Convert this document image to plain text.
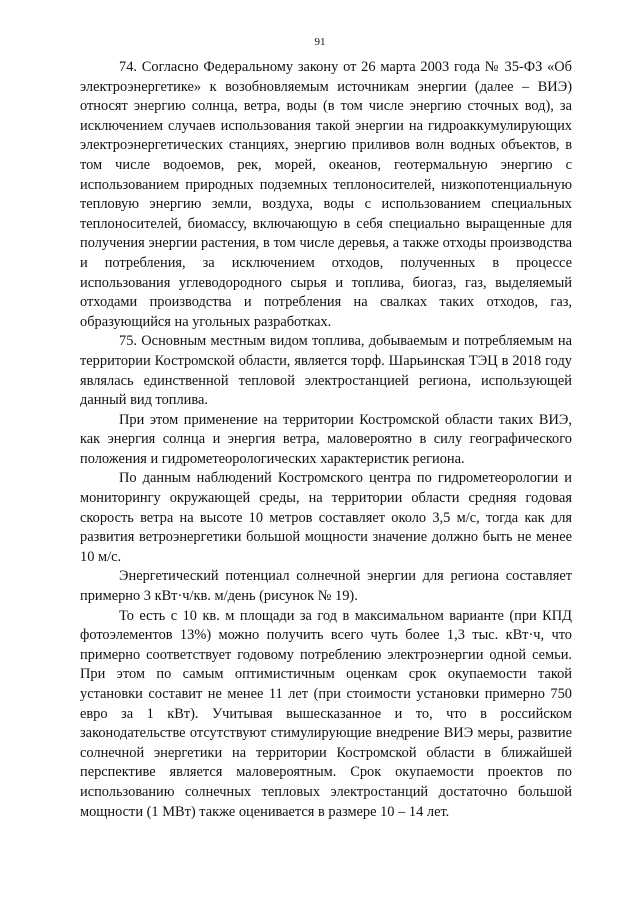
91

74. Согласно Федеральному закону от 26 марта 2003 года № 35-ФЗ «Об электроэнергетике» к возобновляемым источникам энергии (далее – ВИЭ) относят энергию солнца, ветра, воды (в том числе энергию сточных вод), за исключением случаев использования такой энергии на гидроаккумулирующих электроэнергетических станциях, энергию приливов волн водных объектов, в том числе водоемов, рек, морей, океанов, геотермальную энергию с использованием природных подземных теплоносителей, низкопотенциальную тепловую энергию земли, воздуха, воды с использованием специальных теплоносителей, биомассу, включающую в себя специально выращенные для получения энергии растения, в том числе деревья, а также отходы производства и потребления, за исключением отходов, полученных в процессе использования углеводородного сырья и топлива, биогаз, газ, выделяемый отходами производства и потребления на свалках таких отходов, газ, образующийся на угольных разработках.

75. Основным местным видом топлива, добываемым и потребляемым на территории Костромской области, является торф. Шарьинская ТЭЦ в 2018 году являлась единственной тепловой электростанцией региона, использующей данный вид топлива.

При этом применение на территории Костромской области таких ВИЭ, как энергия солнца и энергия ветра, маловероятно в силу географического положения и гидрометеорологических характеристик региона.

По данным наблюдений Костромского центра по гидрометеорологии и мониторингу окружающей среды, на территории области средняя годовая скорость ветра на высоте 10 метров составляет около 3,5 м/с, тогда как для развития ветроэнергетики большой мощности значение должно быть не менее 10 м/с.

Энергетический потенциал солнечной энергии для региона составляет примерно 3 кВт·ч/кв. м/день (рисунок № 19).

То есть с 10 кв. м площади за год в максимальном варианте (при КПД фотоэлементов 13%) можно получить всего чуть более 1,3 тыс. кВт·ч, что примерно соответствует годовому потреблению электроэнергии одной семьи. При этом по самым оптимистичным оценкам срок окупаемости такой установки составит не менее 11 лет (при стоимости установки примерно 750 евро за 1 кВт). Учитывая вышесказанное и то, что в российском законодательстве отсутствуют стимулирующие внедрение ВИЭ меры, развитие солнечной энергетики на территории Костромской области в ближайшей перспективе является маловероятным. Срок окупаемости проектов по использованию солнечных тепловых электростанций достаточно большой мощности (1 МВт) также оценивается в размере 10 – 14 лет.
